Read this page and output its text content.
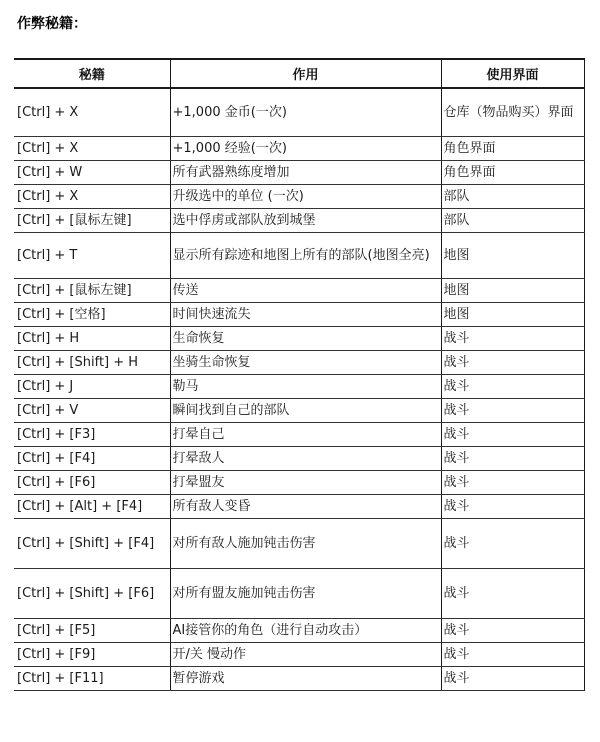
作弊秘籍：
秘籍	作用	使用界面
[Ctrl] + X	+1,000 金币(一次)	仓库（物品购买）界面
[Ctrl] + X	+1,000 经验(一次)	角色界面
[Ctrl] + W	所有武器熟练度增加	角色界面
[Ctrl] + X	升级选中的单位 (一次)	部队
[Ctrl] + [鼠标左键]	选中俘虏或部队放到城堡	部队
[Ctrl] + T	显示所有踪迹和地图上所有的部队(地图全亮)	地图
[Ctrl] + [鼠标左键]	传送	地图
[Ctrl] + [空格]	时间快速流失	地图
[Ctrl] + H	生命恢复	战斗
[Ctrl] + [Shift] + H	坐骑生命恢复	战斗
[Ctrl] + J	勒马	战斗
[Ctrl] + V	瞬间找到自己的部队	战斗
[Ctrl] + [F3]	打晕自己	战斗
[Ctrl] + [F4]	打晕敌人	战斗
[Ctrl] + [F6]	打晕盟友	战斗
[Ctrl] + [Alt] + [F4]	所有敌人变昏	战斗
[Ctrl] + [Shift] + [F4]	对所有敌人施加钝击伤害	战斗
[Ctrl] + [Shift] + [F6]	对所有盟友施加钝击伤害	战斗
[Ctrl] + [F5]	AI接管你的角色（进行自动攻击）	战斗
[Ctrl] + [F9]	开/关 慢动作	战斗
[Ctrl] + [F11]	暂停游戏	战斗
